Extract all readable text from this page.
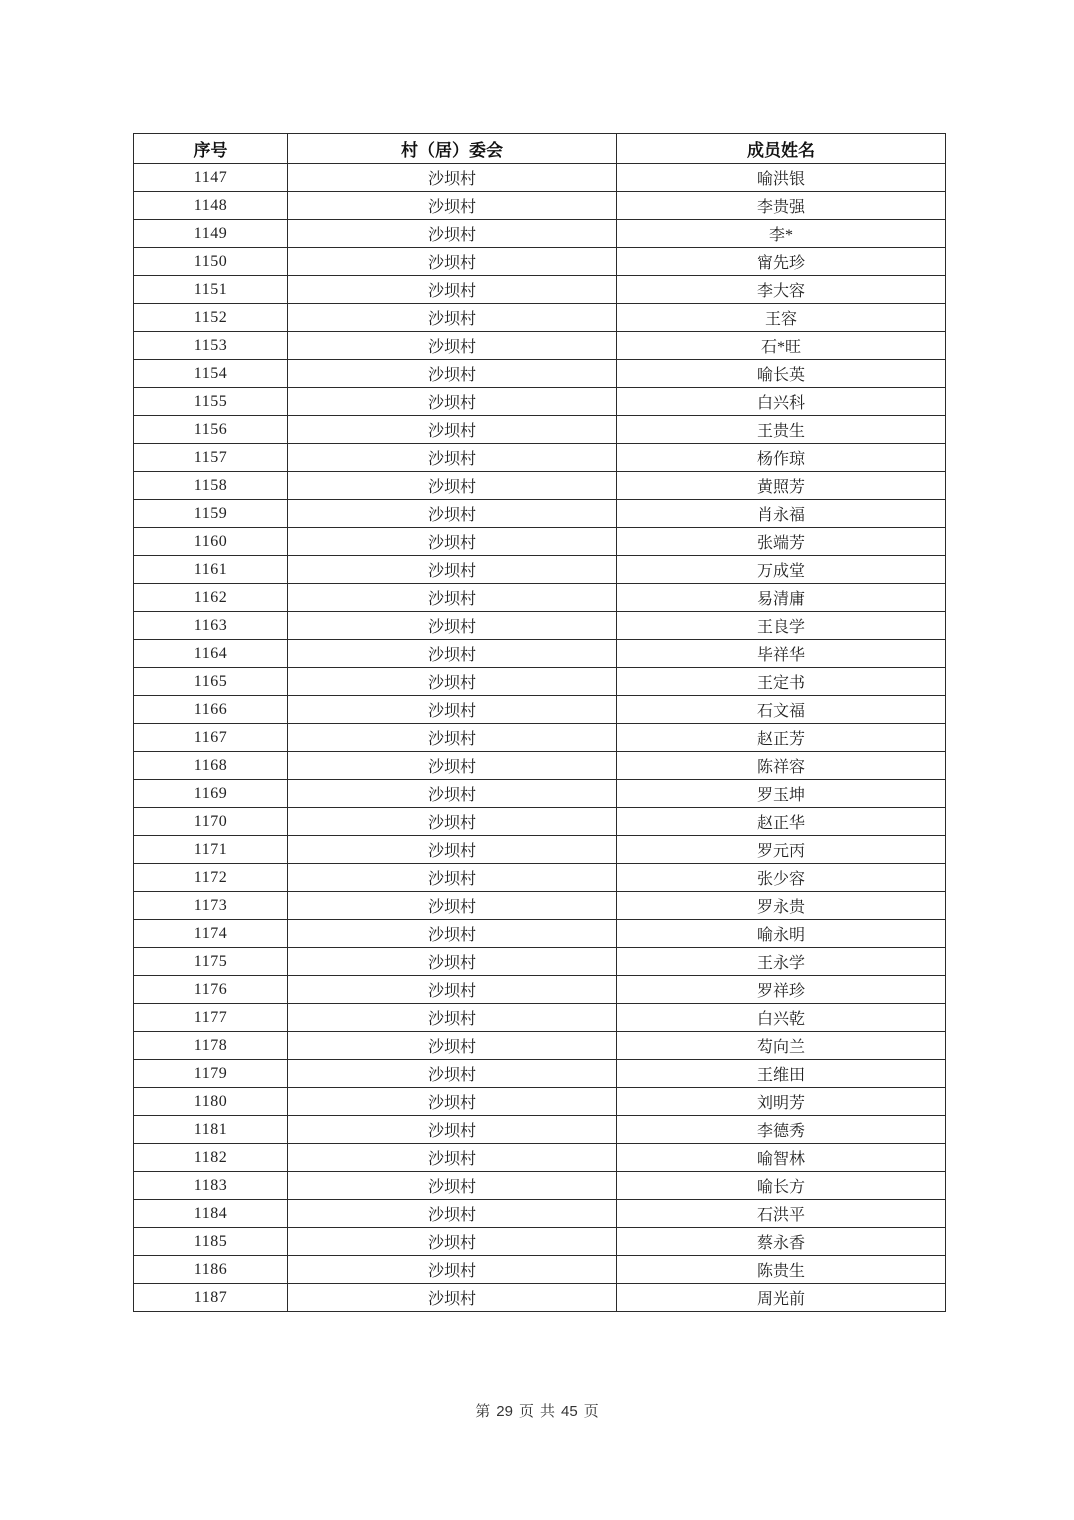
序号	村（居）委会	成员姓名
1147	沙坝村	喻洪银
1148	沙坝村	李贵强
1149	沙坝村	李*
1150	沙坝村	甯先珍
1151	沙坝村	李大容
1152	沙坝村	王容
1153	沙坝村	石*旺
1154	沙坝村	喻长英
1155	沙坝村	白兴科
1156	沙坝村	王贵生
1157	沙坝村	杨作琼
1158	沙坝村	黄照芳
1159	沙坝村	肖永福
1160	沙坝村	张端芳
1161	沙坝村	万成堂
1162	沙坝村	易清庸
1163	沙坝村	王良学
1164	沙坝村	毕祥华
1165	沙坝村	王定书
1166	沙坝村	石文福
1167	沙坝村	赵正芳
1168	沙坝村	陈祥容
1169	沙坝村	罗玉坤
1170	沙坝村	赵正华
1171	沙坝村	罗元丙
1172	沙坝村	张少容
1173	沙坝村	罗永贵
1174	沙坝村	喻永明
1175	沙坝村	王永学
1176	沙坝村	罗祥珍
1177	沙坝村	白兴乾
1178	沙坝村	芶向兰
1179	沙坝村	王维田
1180	沙坝村	刘明芳
1181	沙坝村	李德秀
1182	沙坝村	喻智林
1183	沙坝村	喻长方
1184	沙坝村	石洪平
1185	沙坝村	蔡永香
1186	沙坝村	陈贵生
1187	沙坝村	周光前
第 29 页 共 45 页
